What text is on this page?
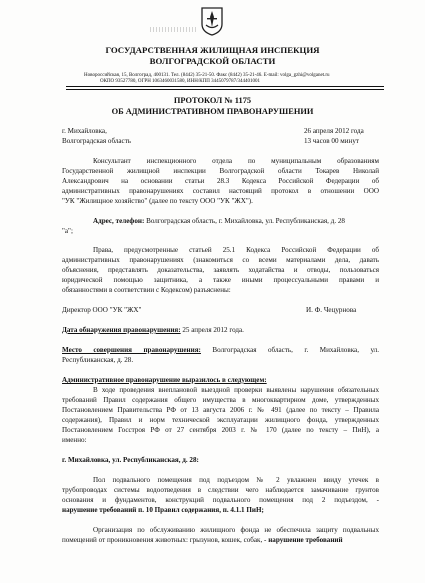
ГОСУДАРСТВЕННАЯ ЖИЛИЩНАЯ ИНСПЕКЦИЯ
ВОЛГОГРАДСКОЙ ОБЛАСТИ
Новороссийская, 15, Волгоград, 400131. Тел. (8442) 35-21-50. Факс (8442) 35-21-46. E-mail: volga_gzhi@volganet.ru
ОКПО 93527780, ОГРН 1063460031580, ИНН/КПП 3445079787/344401001
ПРОТОКОЛ № 1175
ОБ АДМИНИСТРАТИВНОМ ПРАВОНАРУШЕНИИ
г. Михайловка,
Волгоградская область
26 апреля 2012 года
13 часов 00 минут
Консультант инспекционного отдела по муниципальным образованиям
Государственной жилищной инспекции Волгоградской области Токарев Николай
Александрович на основании статьи 28.3 Кодекса Российской Федерации об
административных правонарушениях составил настоящий протокол в отношении ООО
"УК "Жилищное хозяйство" (далее по тексту ООО "УК "ЖХ").
Адрес, телефон: Волгоградская область, г. Михайловка, ул. Республиканская, д. 28
"а";
Права, предусмотренные статьей 25.1 Кодекса Российской Федерации об
административных правонарушениях (знакомиться со всеми материалами дела, давать
объяснения, представлять доказательства, заявлять ходатайства и отводы, пользоваться
юридической помощью защитника, а также иными процессуальными правами и
обязанностями в соответствии с Кодексом) разъяснены:
Директор ООО "УК "ЖХ"	И. Ф. Чецурнова
Дата обнаружения правонарушения: 25 апреля 2012 года.
Место совершения правонарушения: Волгоградская область, г. Михайловка, ул.
Республиканская, д. 28.
Административное правонарушение выразилось в следующем:
В ходе проведения внеплановой выездной проверки выявлены нарушения обязательных
требований Правил содержания общего имущества в многоквартирном доме, утвержденных
Постановлением Правительства РФ от 13 августа 2006 г. № 491 (далее по тексту – Правила
содержания), Правил и норм технической эксплуатации жилищного фонда, утвержденных
Постановлением Госстроя РФ от 27 сентября 2003 г. № 170 (далее по тексту – ПиН), а
именно:
г. Михайловка, ул. Республиканская, д. 28:
Пол подвального помещения под подъездом № 2 увлажнен ввиду утечек в
трубопроводах системы водоотведения в следствии чего наблюдается замачивание грунтов
основания и фундаментов, конструкций подвального помещения под 2 подъездом, -
нарушение требований п. 10 Правил содержания, п. 4.1.1 ПиН;
Организация по обслуживанию жилищного фонда не обеспечила защиту подвальных
помещений от проникновения животных: грызунов, кошек, собак, - нарушение требований
